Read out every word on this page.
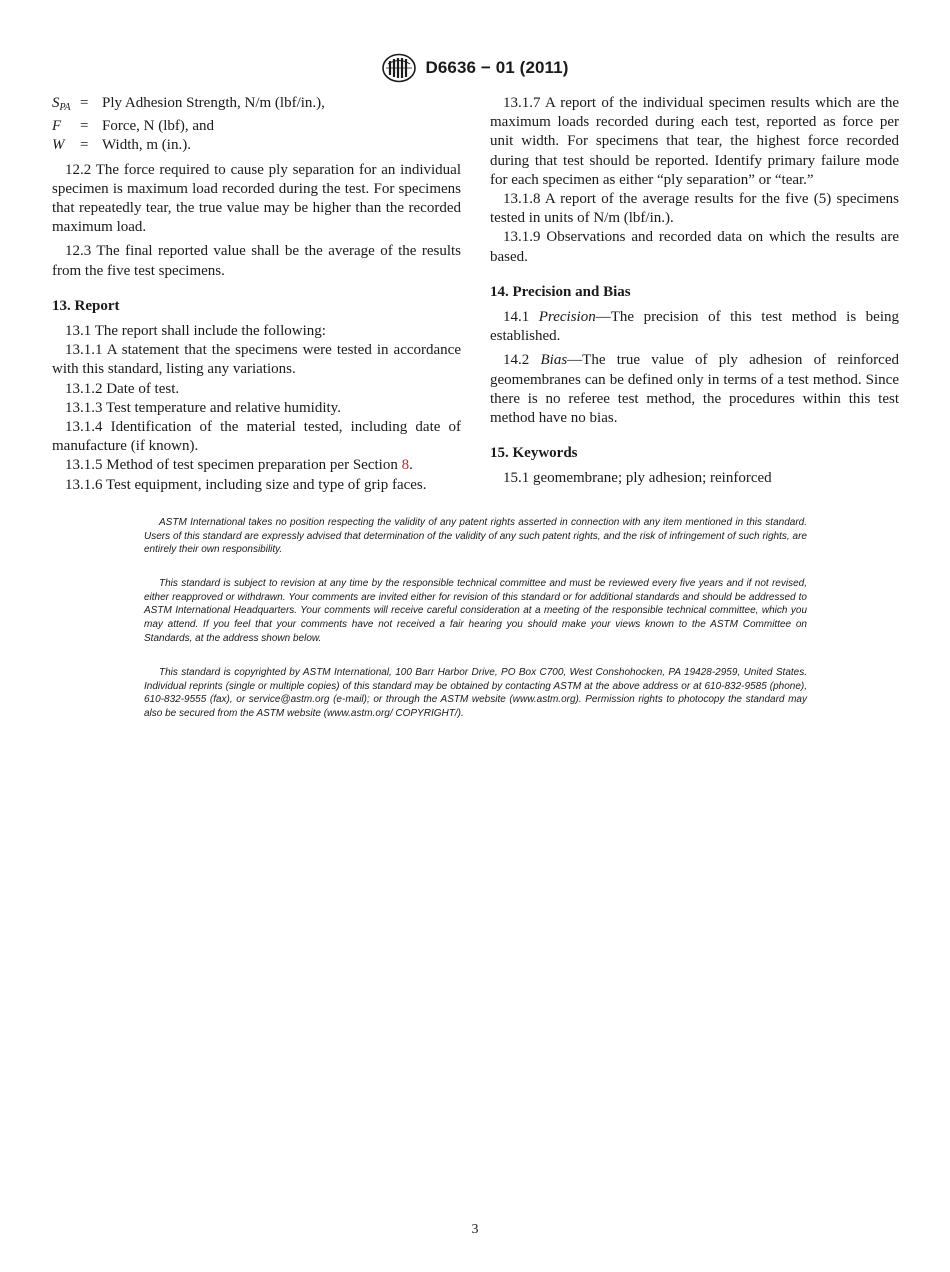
D6636 − 01 (2011)
$S_{PA}$ = Ply Adhesion Strength, N/m (lbf/in.),
F	= Force, N (lbf), and
W	= Width, m (in.).

12.2 The force required to cause ply separation for an individual specimen is maximum load recorded during the test. For specimens that repeatedly tear, the true value may be higher than the recorded maximum load.

12.3 The final reported value shall be the average of the results from the five test specimens.

13. Report

13.1 The report shall include the following:

13.1.1 A statement that the specimens were tested in accordance with this standard, listing any variations.

13.1.2 Date of test.

13.1.3 Test temperature and relative humidity.

13.1.4 Identification of the material tested, including date of manufacture (if known).

13.1.5 Method of test specimen preparation per Section 8.

13.1.6 Test equipment, including size and type of grip faces.

13.1.7 A report of the individual specimen results which are the maximum loads recorded during each test, reported as force per unit width. For specimens that tear, the highest force recorded during that test should be reported. Identify primary failure mode for each specimen as either “ply separation” or “tear.”

13.1.8 A report of the average results for the five (5) specimens tested in units of N/m (lbf/in.).

13.1.9 Observations and recorded data on which the results are based.

14. Precision and Bias

14.1 Precision—The precision of this test method is being established.

14.2 Bias—The true value of ply adhesion of reinforced geomembranes can be defined only in terms of a test method. Since there is no referee test method, the procedures within this test method have no bias.

15. Keywords

15.1 geomembrane; ply adhesion; reinforced

ASTM International takes no position respecting the validity of any patent rights asserted in connection with any item mentioned in this standard. Users of this standard are expressly advised that determination of the validity of any such patent rights, and the risk of infringement of such rights, are entirely their own responsibility.

This standard is subject to revision at any time by the responsible technical committee and must be reviewed every five years and if not revised, either reapproved or withdrawn. Your comments are invited either for revision of this standard or for additional standards and should be addressed to ASTM International Headquarters. Your comments will receive careful consideration at a meeting of the responsible technical committee, which you may attend. If you feel that your comments have not received a fair hearing you should make your views known to the ASTM Committee on Standards, at the address shown below.

This standard is copyrighted by ASTM International, 100 Barr Harbor Drive, PO Box C700, West Conshohocken, PA 19428-2959, United States. Individual reprints (single or multiple copies) of this standard may be obtained by contacting ASTM at the above address or at 610-832-9585 (phone), 610-832-9555 (fax), or service@astm.org (e-mail); or through the ASTM website (www.astm.org). Permission rights to photocopy the standard may also be secured from the ASTM website (www.astm.org/ COPYRIGHT/).

3
